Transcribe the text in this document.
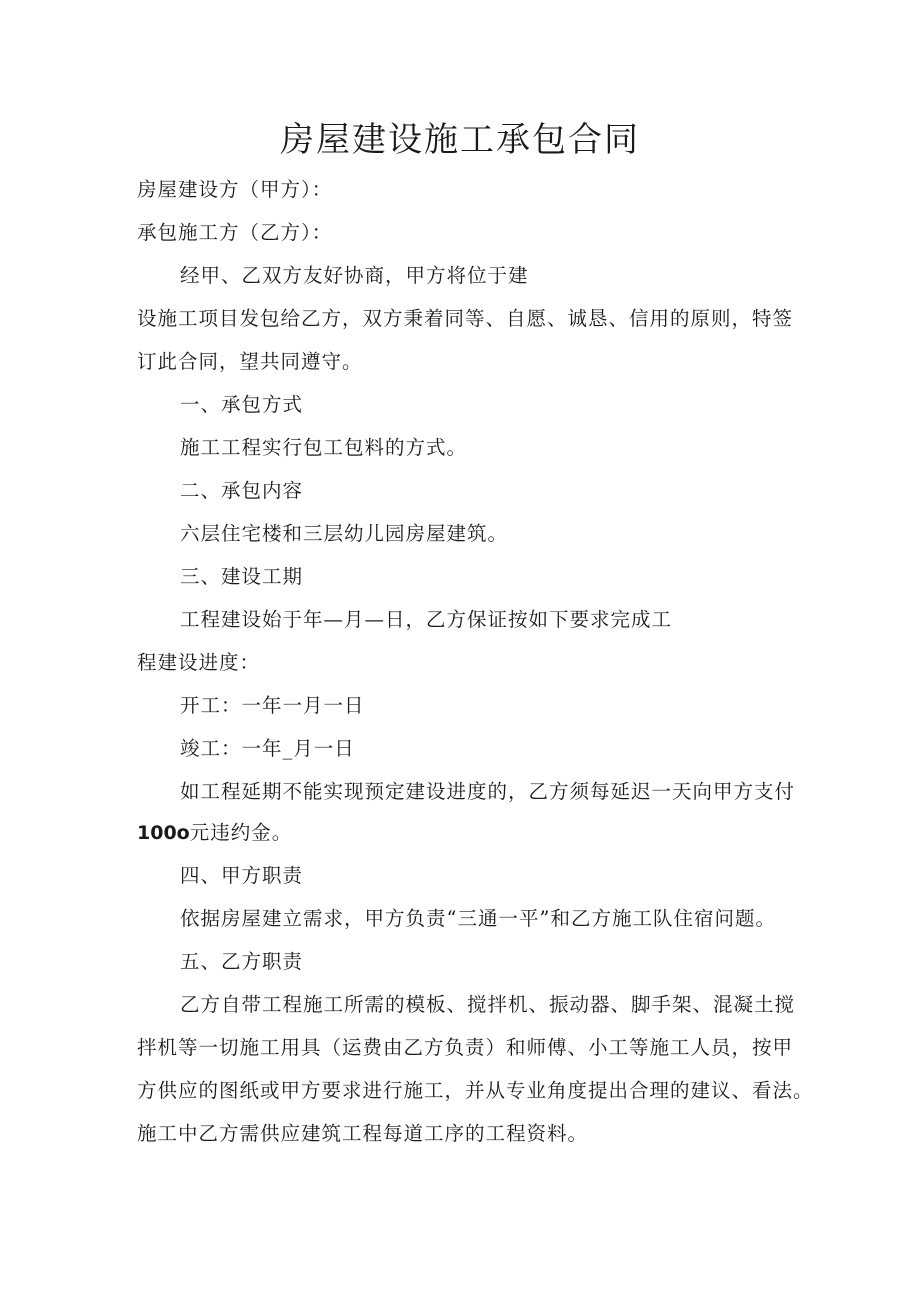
房屋建设施工承包合同
房屋建设方（甲方）：
承包施工方（乙方）：
经甲、乙双方友好协商，甲方将位于建
设施工项目发包给乙方，双方秉着同等、自愿、诚恳、信用的原则，特签
订此合同，望共同遵守。
一、承包方式
施工工程实行包工包料的方式。
二、承包内容
六层住宅楼和三层幼儿园房屋建筑。
三、建设工期
工程建设始于年—月—日，乙方保证按如下要求完成工
程建设进度：
开工：一年一月一日
竣工：一年_月一日
如工程延期不能实现预定建设进度的，乙方须每延迟一天向甲方支付
100o元违约金。
四、甲方职责
依据房屋建立需求，甲方负责“三通一平”和乙方施工队住宿问题。
五、乙方职责
乙方自带工程施工所需的模板、搅拌机、振动器、脚手架、混凝土搅
拌机等一切施工用具（运费由乙方负责）和师傅、小工等施工人员，按甲
方供应的图纸或甲方要求进行施工，并从专业角度提出合理的建议、看法。
施工中乙方需供应建筑工程每道工序的工程资料。
